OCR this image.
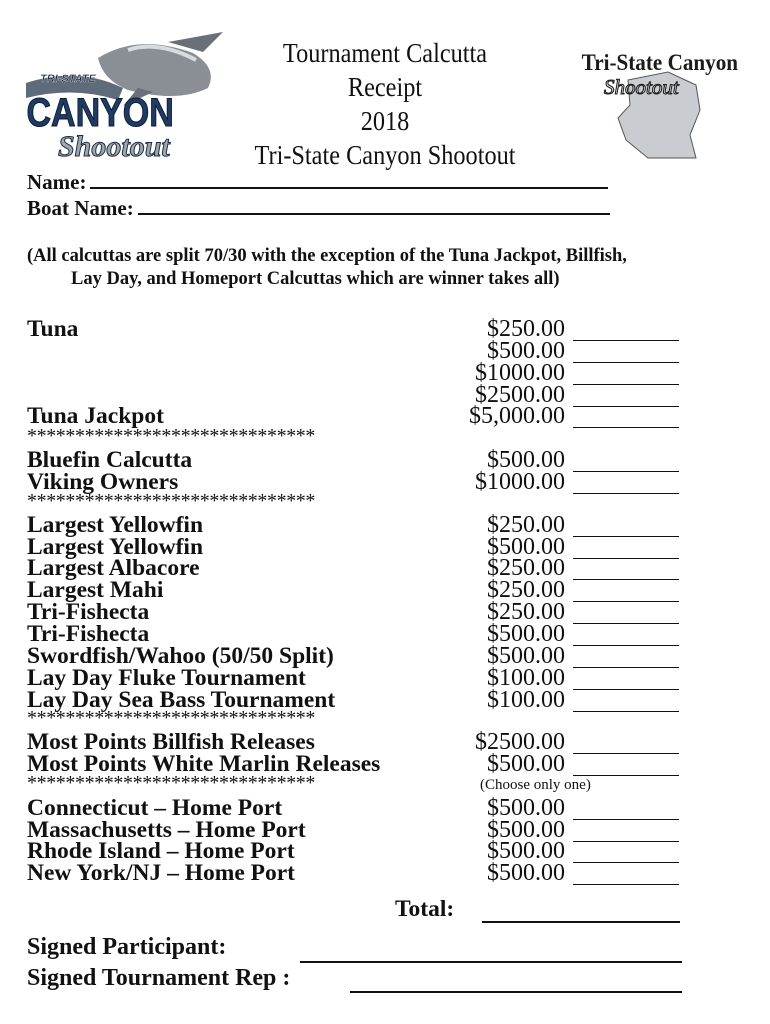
TRI-STATE
CANYON
Shootout
Tri-State Canyon
Shootout
Tournament Calcutta Receipt
2018
Tri-State Canyon Shootout
Name:
Boat Name:
(All calcuttas are split 70/30 with the exception of the Tuna Jackpot, Billfish,
Lay Day, and Homeport Calcuttas which are winner takes all)
Tuna	$250.00
$500.00
$1000.00
$2500.00
Tuna Jackpot	$5,000.00
Bluefin Calcutta	$500.00
Viking Owners	$1000.00
Largest Yellowfin	$250.00
Largest Yellowfin	$500.00
Largest Albacore	$250.00
Largest Mahi	$250.00
Tri-Fishecta	$250.00
Tri-Fishecta	$500.00
Swordfish/Wahoo (50/50 Split)	$500.00
Lay Day Fluke Tournament	$100.00
Lay Day Sea Bass Tournament	$100.00
Most Points Billfish Releases	$2500.00
Most Points White Marlin Releases	$500.00
Connecticut – Home Port	$500.00
Massachusetts – Home Port	$500.00
Rhode Island – Home Port	$500.00
New York/NJ – Home Port	$500.00
******************************
******************************
******************************
******************************	(Choose only one)
Total:
Signed Participant:
Signed Tournament Rep :
